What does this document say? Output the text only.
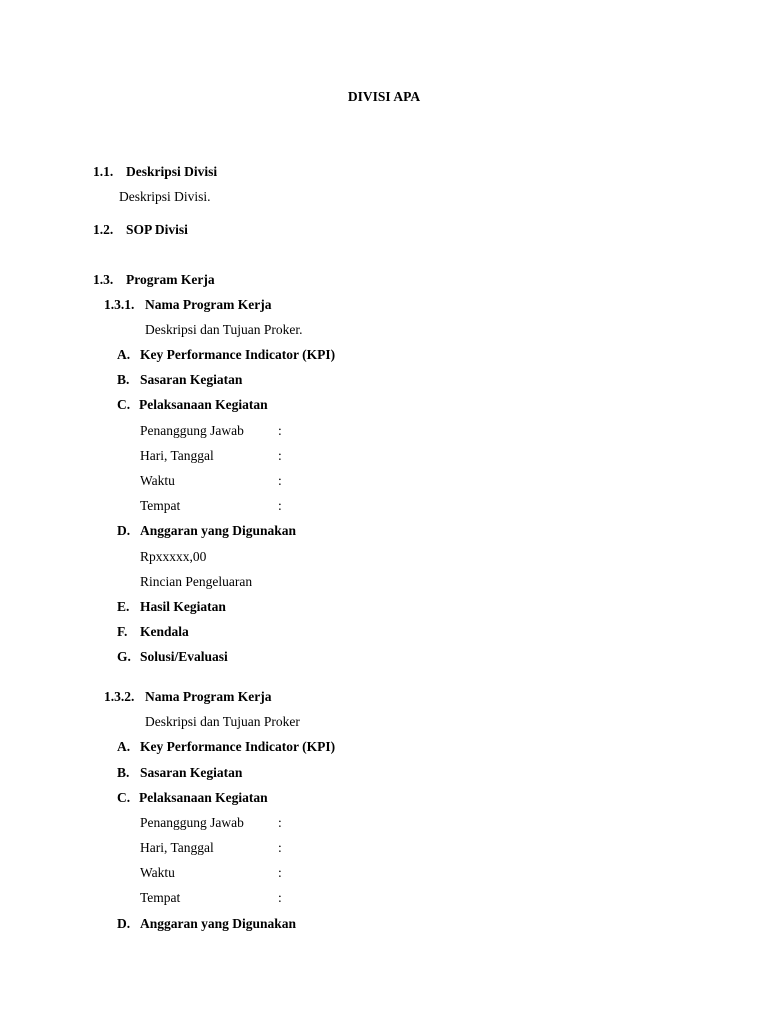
DIVISI APA
1.1. Deskripsi Divisi
Deskripsi Divisi.
1.2. SOP Divisi
1.3. Program Kerja
1.3.1. Nama Program Kerja
Deskripsi dan Tujuan Proker.
A. Key Performance Indicator (KPI)
B. Sasaran Kegiatan
C. Pelaksanaan Kegiatan
Penanggung Jawab	:
Hari, Tanggal	:
Waktu	:
Tempat	:
D. Anggaran yang Digunakan
Rpxxxxx,00
Rincian Pengeluaran
E. Hasil Kegiatan
F. Kendala
G. Solusi/Evaluasi
1.3.2. Nama Program Kerja
Deskripsi dan Tujuan Proker
A. Key Performance Indicator (KPI)
B. Sasaran Kegiatan
C. Pelaksanaan Kegiatan
Penanggung Jawab	:
Hari, Tanggal	:
Waktu	:
Tempat	:
D. Anggaran yang Digunakan
